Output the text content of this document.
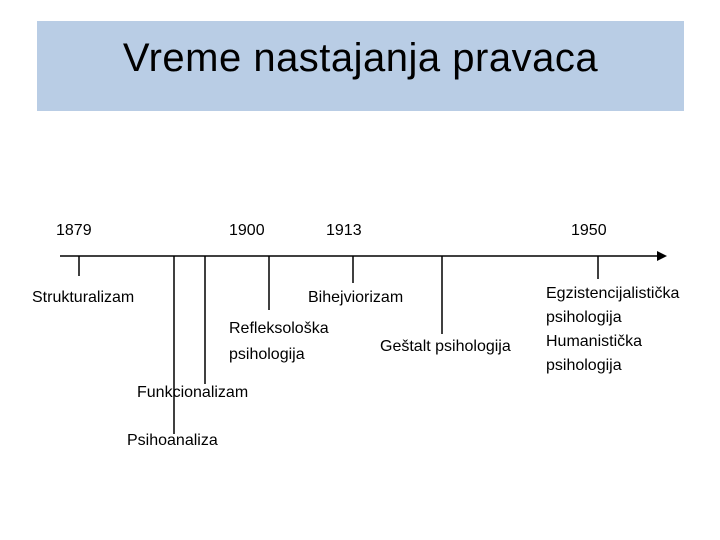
Vreme nastajanja pravaca
1879	1900	1913	1950
Strukturalizam	Bihejviorizam
Refleksološka
psihologija	Geštalt psihologija
Funkcionalizam
Psihoanaliza
Egzistencijalistička
psihologija
Humanistička
psihologija
